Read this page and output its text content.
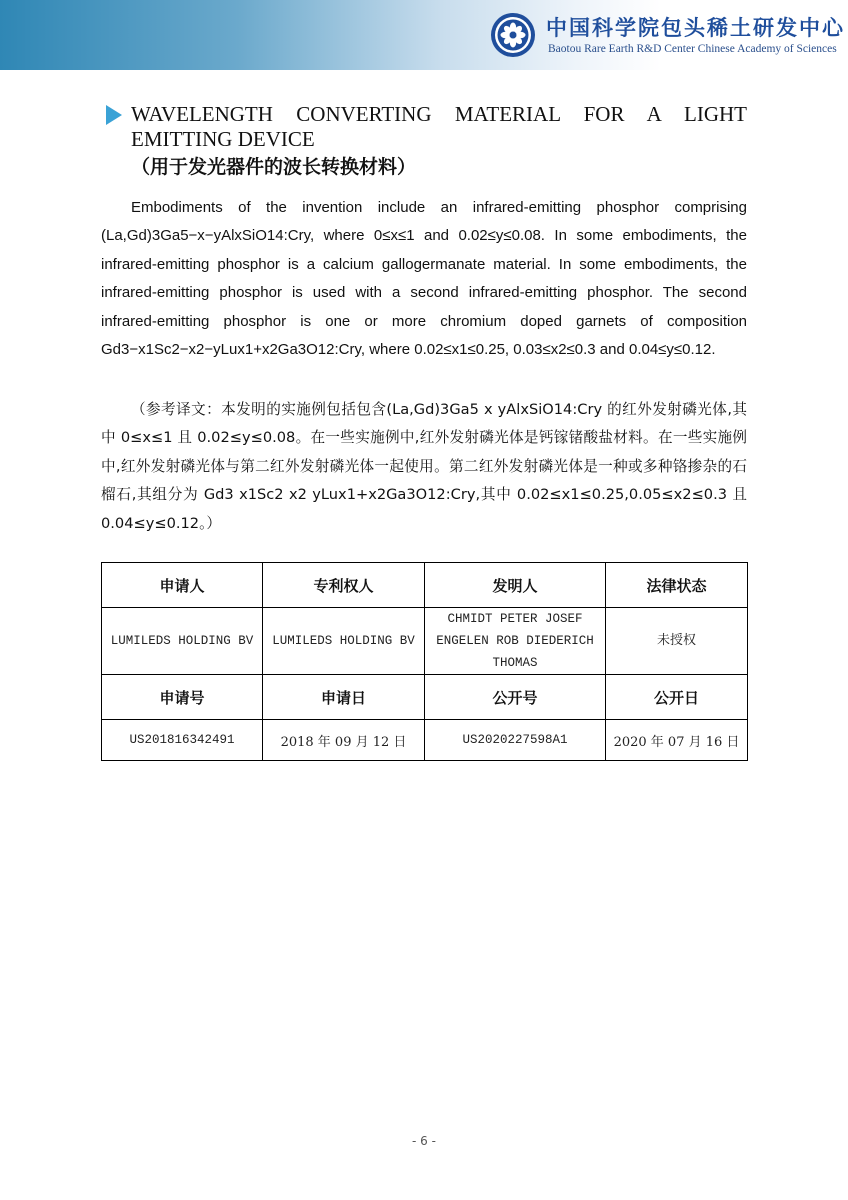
中国科学院包头稀土研发中心
Baotou Rare Earth R&D Center Chinese Academy of Sciences
WAVELENGTH CONVERTING MATERIAL FOR A LIGHT EMITTING DEVICE
（用于发光器件的波长转换材料）

Embodiments of the invention include an infrared-emitting phosphor comprising (La,Gd)3Ga5−x−yAlxSiO14:Cry, where 0≤x≤1 and 0.02≤y≤0.08. In some embodiments, the infrared-emitting phosphor is a calcium gallogermanate material. In some embodiments, the infrared-emitting phosphor is used with a second infrared-emitting phosphor. The second infrared-emitting phosphor is one or more chromium doped garnets of composition Gd3−x1Sc2−x2−yLux1+x2Ga3O12:Cry, where 0.02≤x1≤0.25, 0.03≤x2≤0.3 and 0.04≤y≤0.12.

（参考译文：本发明的实施例包括包含(La,Gd)3Ga5 x yAlxSiO14:Cry 的红外发射磷光体,其中 0≤x≤1 且 0.02≤y≤0.08。在一些实施例中,红外发射磷光体是钙镓锗酸盐材料。在一些实施例中,红外发射磷光体与第二红外发射磷光体一起使用。第二红外发射磷光体是一种或多种铬掺杂的石榴石,其组分为 Gd3 x1Sc2 x2 yLux1+x2Ga3O12:Cry,其中 0.02≤x1≤0.25,0.05≤x2≤0.3 且 0.04≤y≤0.12。）

申请人	专利权人	发明人	法律状态
LUMILEDS HOLDING BV	LUMILEDS HOLDING BV	CHMIDT PETER JOSEF ENGELEN ROB DIEDERICH THOMAS	未授权
申请号	申请日	公开号	公开日
US201816342491	2018 年 09 月 12 日	US2020227598A1	2020 年 07 月 16 日
- 6 -
